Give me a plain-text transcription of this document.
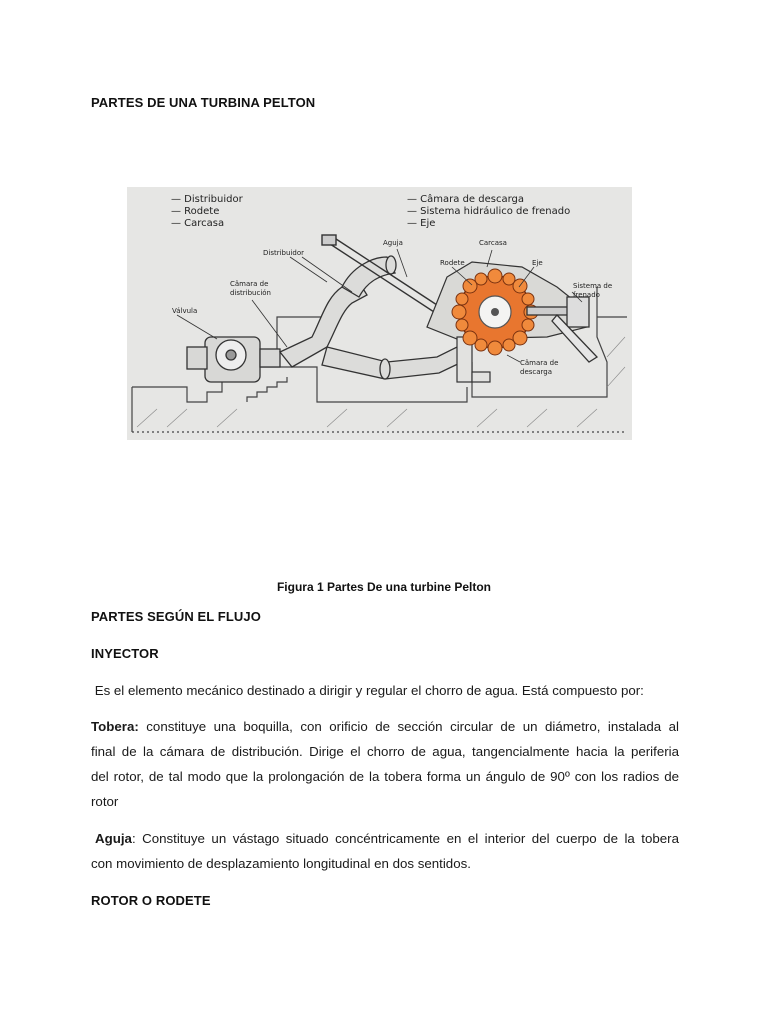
PARTES DE UNA TURBINA PELTON
— Distribuidor
— Rodete
— Carcasa
— Câmara de descarga
— Sistema hidráulico de frenado
— Eje
Distribuidor
Aguja	Carcasa
Rodete	Eje
Sistema de
frenado
Câmara de
distribución
Válvula
Câmara de
descarga
Figura 1 Partes De una turbine Pelton
PARTES SEGÚN EL FLUJO
INYECTOR
Es el elemento mecánico destinado a dirigir y regular el chorro de agua. Está compuesto por:
Tobera: constituye una boquilla, con orificio de sección circular de un diámetro, instalada al
final de la cámara de distribución. Dirige el chorro de agua, tangencialmente hacia la periferia
del rotor, de tal modo que la prolongación de la tobera forma un ángulo de 90º con los radios de
rotor
Aguja: Constituye un vástago situado concéntricamente en el interior del cuerpo de la tobera
con movimiento de desplazamiento longitudinal en dos sentidos.
ROTOR O RODETE
